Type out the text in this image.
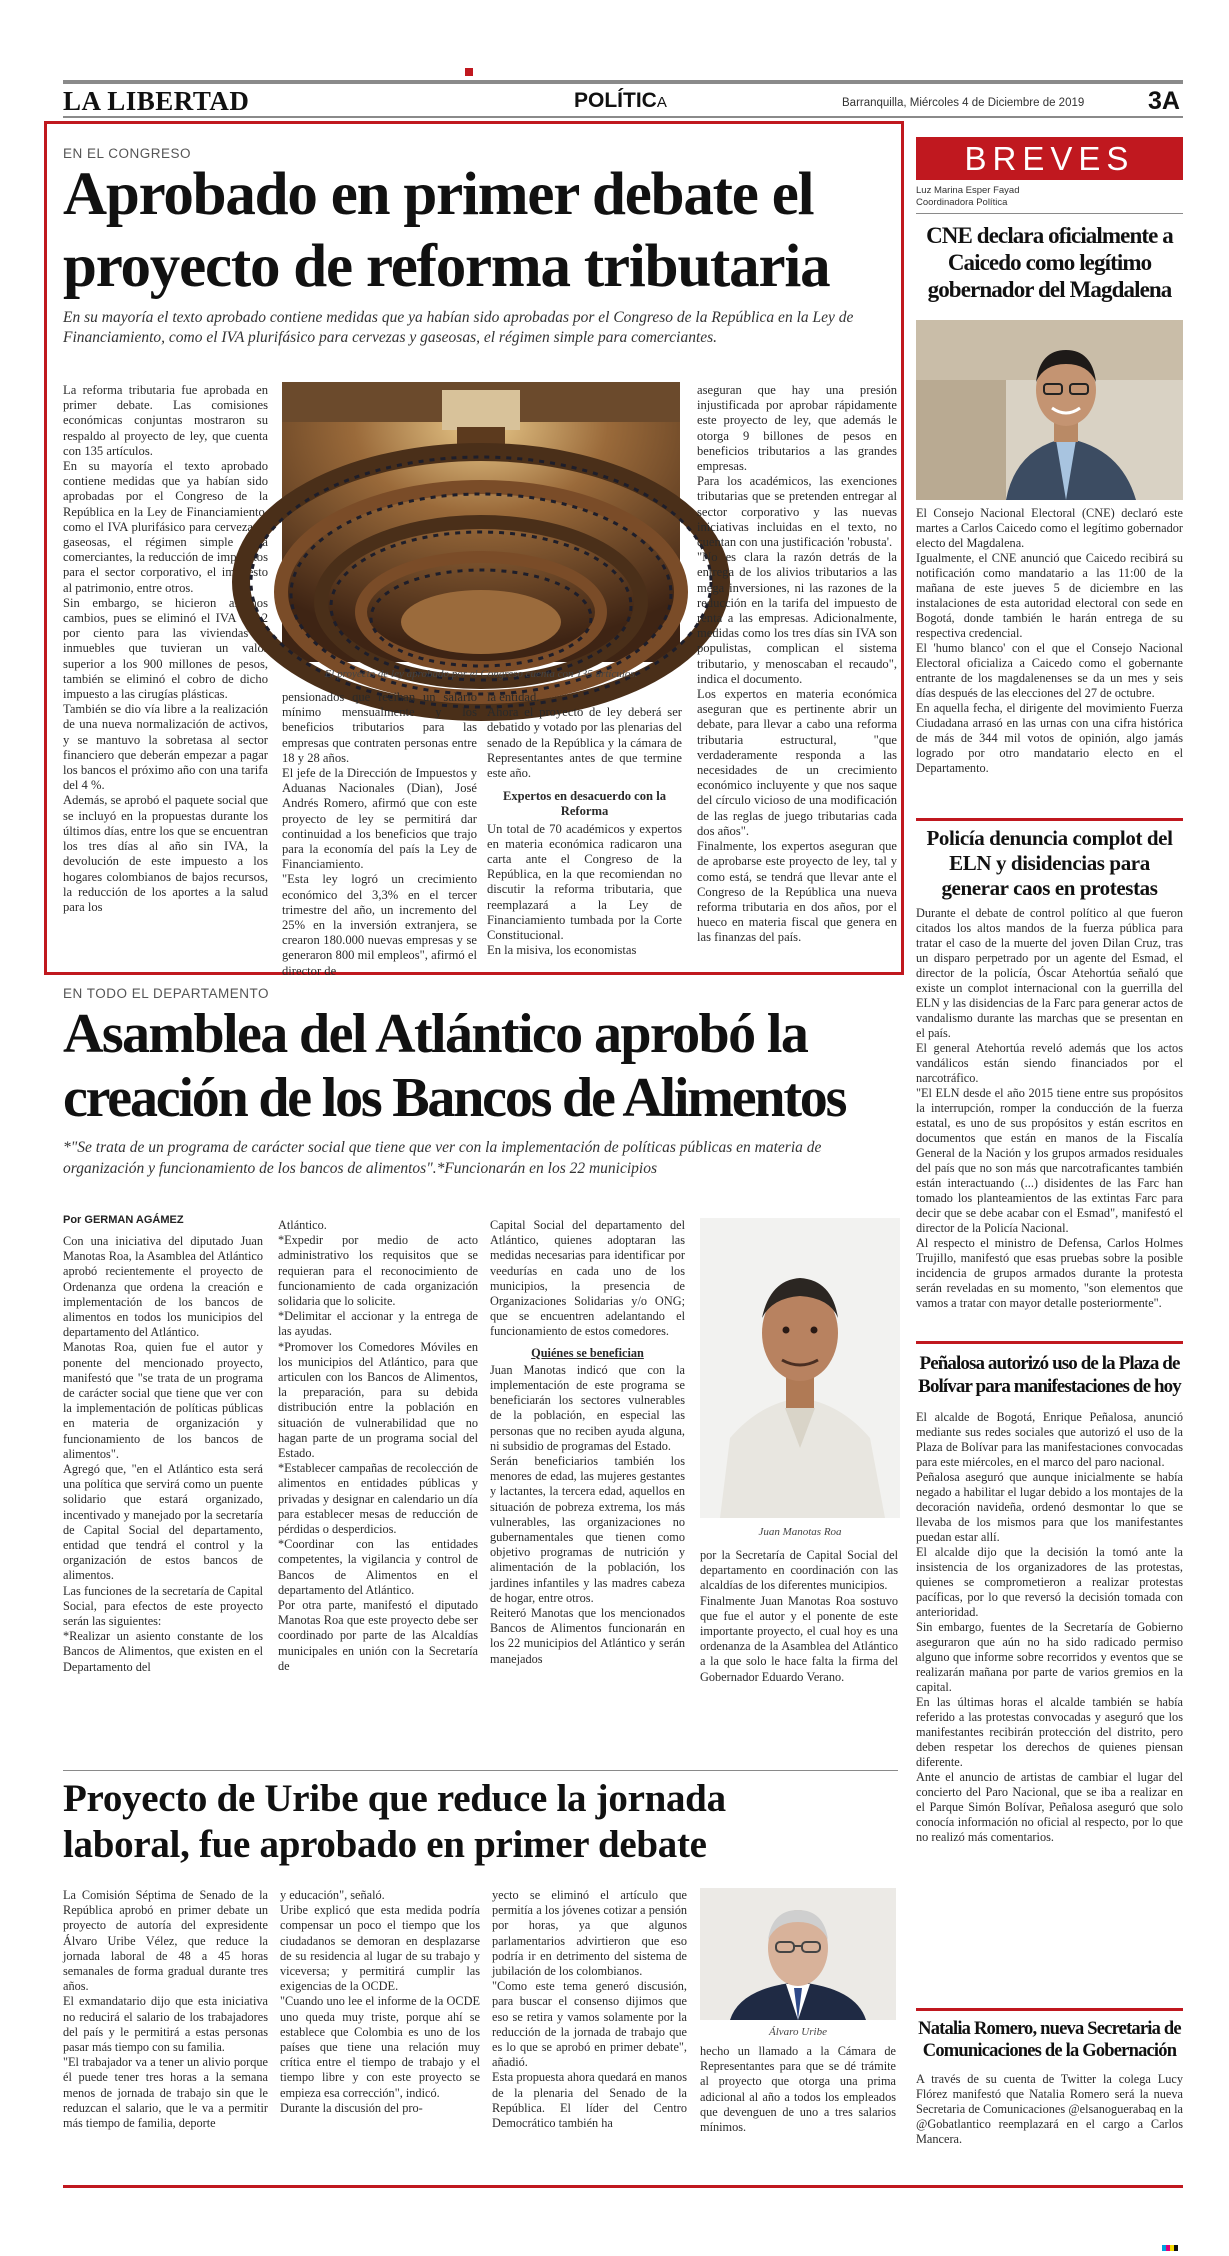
LA LIBERTAD	POLÍTICA	Barranquilla, Miércoles 4 de Diciembre de 2019	3A
EN EL CONGRESO
Aprobado en primer debate el
proyecto de reforma tributaria

En su mayoría el texto aprobado contiene medidas que ya habían sido aprobadas por el Congreso de la República en la Ley de Financiamiento, como el IVA plurifásico para cervezas y gaseosas, el régimen simple para comerciantes.

La reforma tributaria fue aprobada en primer debate. Las comisiones económicas conjuntas mostraron su respaldo al proyecto de ley, que cuenta con 135 artículos.

En su mayoría el texto aprobado contiene medidas que ya habían sido aprobadas por el Congreso de la República en la Ley de Financiamiento, como el IVA plurifásico para cervezas y gaseosas, el régimen simple para comerciantes, la reducción de impuestos para el sector corporativo, el impuesto al patrimonio, entre otros.

Sin embargo, se hicieron algunos cambios, pues se eliminó el IVA del 2 por ciento para las viviendas o inmuebles que tuvieran un valor superior a los 900 millones de pesos, también se eliminó el cobro de dicho impuesto a las cirugías plásticas.

También se dio vía libre a la realización de una nueva normalización de activos, y se mantuvo la sobretasa al sector financiero que deberán empezar a pagar los bancos el próximo año con una tarifa del 4 %.

Además, se aprobó el paquete social que se incluyó en la propuestas durante los últimos días, entre los que se encuentran los tres días al año sin IVA, la devolución de este impuesto a los hogares colombianos de bajos recursos, la reducción de los aportes a la salud para los

El proyecto de ley aprobado por el Congreso cuenta con 135 artículos.

pensionados que reciban un salario mínimo mensualmente y los beneficios tributarios para las empresas que contraten personas entre 18 y 28 años.

El jefe de la Dirección de Impuestos y Aduanas Nacionales (Dian), José Andrés Romero, afirmó que con este proyecto de ley se permitirá dar continuidad a los beneficios que trajo para la economía del país la Ley de Financiamiento.

"Esta ley logró un crecimiento económico del 3,3% en el tercer trimestre del año, un incremento del 25% en la inversión extranjera, se crearon 180.000 nuevas empresas y se generaron 800 mil empleos", afirmó el director de

la entidad.

Ahora el proyecto de ley deberá ser debatido y votado por las plenarias del senado de la República y la cámara de Representantes antes de que termine este año.

Expertos en desacuerdo con la Reforma

Un total de 70 académicos y expertos en materia económica radicaron una carta ante el Congreso de la República, en la que recomiendan no discutir la reforma tributaria, que reemplazará a la Ley de Financiamiento tumbada por la Corte Constitucional.

En la misiva, los economistas

aseguran que hay una presión injustificada por aprobar rápidamente este proyecto de ley, que además le otorga 9 billones de pesos en beneficios tributarios a las grandes empresas.

Para los académicos, las exenciones tributarias que se pretenden entregar al sector corporativo y las nuevas iniciativas incluidas en el texto, no cuentan con una justificación 'robusta'.

"No es clara la razón detrás de la entrega de los alivios tributarios a las mega inversiones, ni las razones de la reducción en la tarifa del impuesto de renta a las empresas. Adicionalmente, medidas como los tres días sin IVA son populistas, complican el sistema tributario, y menoscaban el recaudo", indica el documento.

Los expertos en materia económica aseguran que es pertinente abrir un debate, para llevar a cabo una reforma tributaria estructural, "que verdaderamente responda a las necesidades de un crecimiento económico incluyente y que nos saque del círculo vicioso de una modificación de las reglas de juego tributarias cada dos años".

Finalmente, los expertos aseguran que de aprobarse este proyecto de ley, tal y como está, se tendrá que llevar ante el Congreso de la República una nueva reforma tributaria en dos años, por el hueco en materia fiscal que genera en las finanzas del país.

EN TODO EL DEPARTAMENTO
Asamblea del Atlántico aprobó la
creación de los Bancos de Alimentos

*"Se trata de un programa de carácter social que tiene que ver con la implementación de políticas públicas en materia de organización y funcionamiento de los bancos de alimentos".*Funcionarán en los 22 municipios

Por GERMAN AGÁMEZ

Con una iniciativa del diputado Juan Manotas Roa, la Asamblea del Atlántico aprobó recientemente el proyecto de Ordenanza que ordena la creación e implementación de los bancos de alimentos en todos los municipios del departamento del Atlántico.

Manotas Roa, quien fue el autor y ponente del mencionado proyecto, manifestó que "se trata de un programa de carácter social que tiene que ver con la implementación de políticas públicas en materia de organización y funcionamiento de los bancos de alimentos".

Agregó que, "en el Atlántico esta será una política que servirá como un puente solidario que estará organizado, incentivado y manejado por la secretaría de Capital Social del departamento, entidad que tendrá el control y la organización de estos bancos de alimentos.

Las funciones de la secretaría de Capital Social, para efectos de este proyecto serán las siguientes:

*Realizar un asiento constante de los Bancos de Alimentos, que existen en el Departamento del

Atlántico.

*Expedir por medio de acto administrativo los requisitos que se requieran para el reconocimiento de funcionamiento de cada organización solidaria que lo solicite.

*Delimitar el accionar y la entrega de las ayudas.

*Promover los Comedores Móviles en los municipios del Atlántico, para que articulen con los Bancos de Alimentos, la preparación, para su debida distribución entre la población en situación de vulnerabilidad que no hagan parte de un programa social del Estado.

*Establecer campañas de recolección de alimentos en entidades públicas y privadas y designar en calendario un día para establecer mesas de reducción de pérdidas o desperdicios.

*Coordinar con las entidades competentes, la vigilancia y control de Bancos de Alimentos en el departamento del Atlántico.

Por otra parte, manifestó el diputado Manotas Roa que este proyecto debe ser coordinado por parte de las Alcaldías municipales en unión con la Secretaría de

Capital Social del departamento del Atlántico, quienes adoptaran las medidas necesarias para identificar por veedurías en cada uno de los municipios, la presencia de Organizaciones Solidarias y/o ONG; que se encuentren adelantando el funcionamiento de estos comedores.

Quiénes se benefician

Juan Manotas indicó que con la implementación de este programa se beneficiarán los sectores vulnerables de la población, en especial las personas que no reciben ayuda alguna, ni subsidio de programas del Estado.

Serán beneficiarios también los menores de edad, las mujeres gestantes y lactantes, la tercera edad, aquellos en situación de pobreza extrema, los más vulnerables, las organizaciones no gubernamentales que tienen como objetivo programas de nutrición y alimentación de la población, los jardines infantiles y las madres cabeza de hogar, entre otros.

Reiteró Manotas que los mencionados Bancos de Alimentos funcionarán en los 22 municipios del Atlántico y serán manejados

Juan Manotas Roa

por la Secretaría de Capital Social del departamento en coordinación con las alcaldías de los diferentes municipios.

Finalmente Juan Manotas Roa sostuvo que fue el autor y el ponente de este importante proyecto, el cual hoy es una ordenanza de la Asamblea del Atlántico a la que solo le hace falta la firma del Gobernador Eduardo Verano.

Proyecto de Uribe que reduce la jornada
laboral, fue aprobado en primer debate

La Comisión Séptima de Senado de la República aprobó en primer debate un proyecto de autoría del expresidente Álvaro Uribe Vélez, que reduce la jornada laboral de 48 a 45 horas semanales de forma gradual durante tres años.

El exmandatario dijo que esta iniciativa no reducirá el salario de los trabajadores del país y le permitirá a estas personas pasar más tiempo con su familia.

"El trabajador va a tener un alivio porque él puede tener tres horas a la semana menos de jornada de trabajo sin que le reduzcan el salario, que le va a permitir más tiempo de familia, deporte

y educación", señaló.

Uribe explicó que esta medida podría compensar un poco el tiempo que los ciudadanos se demoran en desplazarse de su residencia al lugar de su trabajo y viceversa; y permitirá cumplir las exigencias de la OCDE.

"Cuando uno lee el informe de la OCDE uno queda muy triste, porque ahí se establece que Colombia es uno de los países que tiene una relación muy crítica entre el tiempo de trabajo y el tiempo libre y con este proyecto se empieza esa corrección", indicó.

Durante la discusión del pro-

yecto se eliminó el artículo que permitía a los jóvenes cotizar a pensión por horas, ya que algunos parlamentarios advirtieron que eso podría ir en detrimento del sistema de jubilación de los colombianos.

"Como este tema generó discusión, para buscar el consenso dijimos que eso se retira y vamos solamente por la reducción de la jornada de trabajo que es lo que se aprobó en primer debate", añadió.

Esta propuesta ahora quedará en manos de la plenaria del Senado de la República. El líder del Centro Democrático también ha

Álvaro Uribe

hecho un llamado a la Cámara de Representantes para que se dé trámite al proyecto que otorga una prima adicional al año a todos los empleados que devenguen de uno a tres salarios mínimos.

BREVES
Luz Marina Esper Fayad
Coordinadora Política
CNE declara oficialmente a Caicedo como legítimo gobernador del Magdalena

El Consejo Nacional Electoral (CNE) declaró este martes a Carlos Caicedo como el legítimo gobernador electo del Magdalena.

Igualmente, el CNE anunció que Caicedo recibirá su notificación como mandatario a las 11:00 de la mañana de este jueves 5 de diciembre en las instalaciones de esta autoridad electoral con sede en Bogotá, donde también le harán entrega de su respectiva credencial.

El 'humo blanco' con el que el Consejo Nacional Electoral oficializa a Caicedo como el gobernante entrante de los magdalenenses se da un mes y seis días después de las elecciones del 27 de octubre.

En aquella fecha, el dirigente del movimiento Fuerza Ciudadana arrasó en las urnas con una cifra histórica de más de 344 mil votos de opinión, algo jamás logrado por otro mandatario electo en el Departamento.

Policía denuncia complot del ELN y disidencias para generar caos en protestas

Durante el debate de control político al que fueron citados los altos mandos de la fuerza pública para tratar el caso de la muerte del joven Dilan Cruz, tras un disparo perpetrado por un agente del Esmad, el director de la policía, Óscar Atehortúa señaló que existe un complot internacional con la guerrilla del ELN y las disidencias de la Farc para generar actos de vandalismo durante las marchas que se presentan en el país.

El general Atehortúa reveló además que los actos vandálicos están siendo financiados por el narcotráfico.

"El ELN desde el año 2015 tiene entre sus propósitos la interrupción, romper la conducción de la fuerza estatal, es uno de sus propósitos y están escritos en documentos que están en manos de la Fiscalía General de la Nación y los grupos armados residuales del país que no son más que narcotraficantes también están interactuando (...) disidentes de las Farc han tomado los planteamientos de las extintas Farc para decir que se debe acabar con el Esmad", manifestó el director de la Policía Nacional.

Al respecto el ministro de Defensa, Carlos Holmes Trujillo, manifestó que esas pruebas sobre la posible incidencia de grupos armados durante la protesta serán reveladas en su momento, "son elementos que vamos a tratar con mayor detalle posteriormente".

Peñalosa autorizó uso de la Plaza de Bolívar para manifestaciones de hoy

El alcalde de Bogotá, Enrique Peñalosa, anunció mediante sus redes sociales que autorizó el uso de la Plaza de Bolívar para las manifestaciones convocadas para este miércoles, en el marco del paro nacional.

Peñalosa aseguró que aunque inicialmente se había negado a habilitar el lugar debido a los montajes de la decoración navideña, ordenó desmontar lo que se llevaba de los mismos para que los manifestantes puedan estar allí.

El alcalde dijo que la decisión la tomó ante la insistencia de los organizadores de las protestas, quienes se comprometieron a realizar protestas pacíficas, por lo que reversó la decisión tomada con anterioridad.

Sin embargo, fuentes de la Secretaría de Gobierno aseguraron que aún no ha sido radicado permiso alguno que informe sobre recorridos y eventos que se realizarán mañana por parte de varios gremios en la capital.

En las últimas horas el alcalde también se había referido a las protestas convocadas y aseguró que los manifestantes recibirán protección del distrito, pero deben respetar los derechos de quienes piensan diferente.

Ante el anuncio de artistas de cambiar el lugar del concierto del Paro Nacional, que se iba a realizar en el Parque Simón Bolívar, Peñalosa aseguró que solo conocía información no oficial al respecto, por lo que no realizó más comentarios.

Natalia Romero, nueva Secretaria de Comunicaciones de la Gobernación

A través de su cuenta de Twitter la colega Lucy Flórez manifestó que Natalia Romero será la nueva Secretaria de Comunicaciones @elsanoguerabaq en la @Gobatlantico reemplazará en el cargo a Carlos Mancera.
